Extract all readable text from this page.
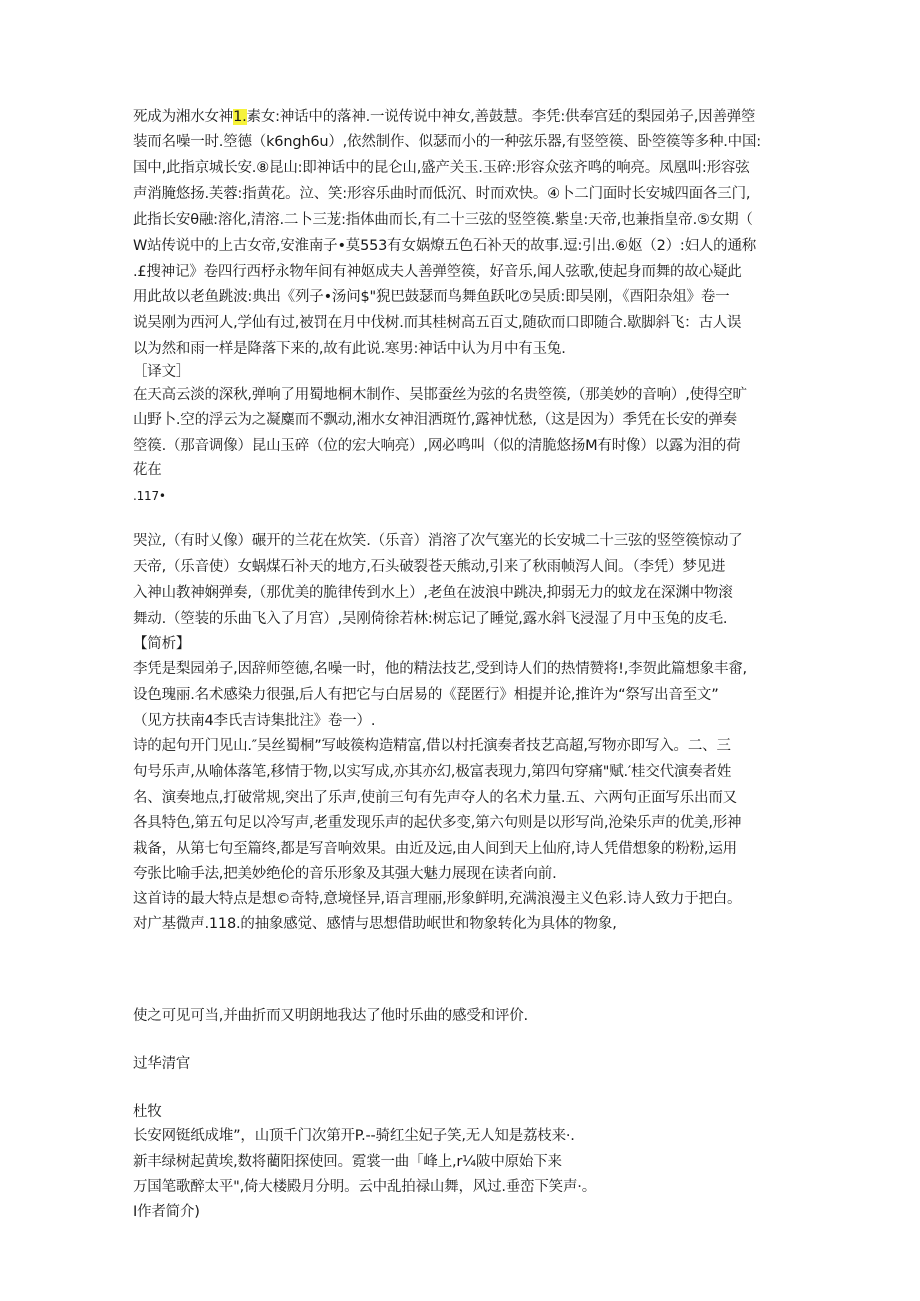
死成为湘水女神1.素女:神话中的落神.一说传说中神女,善鼓慧。李凭:供奉宫廷的梨园弟子,因善弹箜
装而名噪一时.箜德（k6ngh6u）,依然制作、似瑟而小的一种弦乐器,有竖箜篌、卧箜篌等多种.中国:
国中,此指京城长安.⑧昆山:即神话中的昆仑山,盛产关玉.玉碎:形容众弦齐鸣的响亮。凤凰叫:形容弦
声消腌悠扬.芙蓉:指黄花。泣、笑:形容乐曲时而低沉、时而欢快。④卜二门面时长安城四面各三门,
此指长安θ融:溶化,清溶.二卜三茏:指体曲而长,有二十三弦的竖箜篌.紫皇:天帝,也兼指皇帝.⑤女期（
W站传说中的上古女帝,安淮南子•莫553有女娲燎五色石补天的故事.逗:引出.⑥妪（2）:妇人的通称
.£搜神记》卷四行西杼永物年间有神妪成夫人善弹箜篌，好音乐,闻人弦歌,使起身而舞的故心疑此
用此故以老鱼跳波:典出《列子•汤问$"猊巴鼓瑟而鸟舞鱼跃叱⑦吴质:即吴刚，《酉阳杂俎》卷一
说吴刚为西河人,学仙有过,被罚在月中伐树.而其桂树高五百丈,随砍而口即随合.歇脚斜飞：古人误
以为然和雨一样是降落下来的,故有此说.寒男:神话中认为月中有玉兔.
［译文］
在天高云淡的深秋,弹响了用蜀地桐木制作、吴邯蚕丝为弦的名贵箜篌,（那美妙的音响）,使得空旷
山野卜.空的浮云为之凝麋而不飘动,湘水女神泪洒斑竹,露神忧愁,（这是因为）季凭在长安的弹奏
箜篌.（那音调像）昆山玉碎（位的宏大响亮）,网必鸣叫（似的清脆悠扬M有时像）以露为泪的荷
花在
.117•
哭泣,（有时乂像）碾开的兰花在炊笑.（乐音）消溶了次气塞光的长安城二十三弦的竖箜篌惊动了
天帝,（乐音使）女蜗煤石补天的地方,石头破裂苍天熊动,引来了秋雨帧泻人间。（李凭）梦见进
入神山教神娴弹奏,（那优美的脆律传到水上）,老鱼在波浪中跳决,抑弱无力的蚊龙在深渊中物滚
舞动.（箜装的乐曲飞入了月宫）,吴刚倚徐若林:树忘记了睡觉,露水斜飞浸湿了月中玉兔的皮毛.
【简析】
李凭是梨园弟子,因辞师箜德,名噪一时，他的精法技艺,受到诗人们的热情赞将!,李贺此篇想象丰畲,
设色瑰丽.名术感染力很强,后人有把它与白居易的《琵匿行》相提并论,推许为“祭写出音至文”
（见方扶南4李氏吉诗集批注》卷一）.
诗的起句开门见山.″吴丝蜀桐”写岐篌构造精富,借以村托演奏者技艺高超,写物亦即写入。二、三
句号乐声,从喻体落笔,移情于物,以实写成,亦其亦幻,极富表现力,第四句穿痛"赋.′桂交代演奏者姓
名、演奏地点,打破常规,突出了乐声,使前三句有先声夺人的名术力量.五、六两句正面写乐出而又
各具特色,第五句足以冷写声,老重发现乐声的起伏多变,第六句则是以形写尚,沧染乐声的优美,形神
栽备，从第七句至篇终,都是写音响效果。由近及远,由人间到天上仙府,诗人凭借想象的粉粉,运用
夸张比喻手法,把美妙绝伦的音乐形象及其强大魅力展现在读者向前.
这首诗的最大特点是想©奇特,意境怪异,语言理丽,形象鲜明,充满浪漫主义色彩.诗人致力于把白。
对广基微声.118.的抽象感觉、感情与思想借助岷世和物象转化为具体的物象,
使之可见可当,并曲折而又明朗地我达了他时乐曲的感受和评价.
过华清官
杜牧
长安网铤纸成堆”，山顶千门次第开P.--骑红尘妃子笑,无人知是荔枝来·.
新丰绿树起黄埃,数将藺阳探使回。霓裳一曲「峰上,r¼陂中原始下来
万国笔歌醉太平",倚大楼殿月分明。云中乱拍禄山舞，风过.垂峦下笑声·。
I作者简介)
